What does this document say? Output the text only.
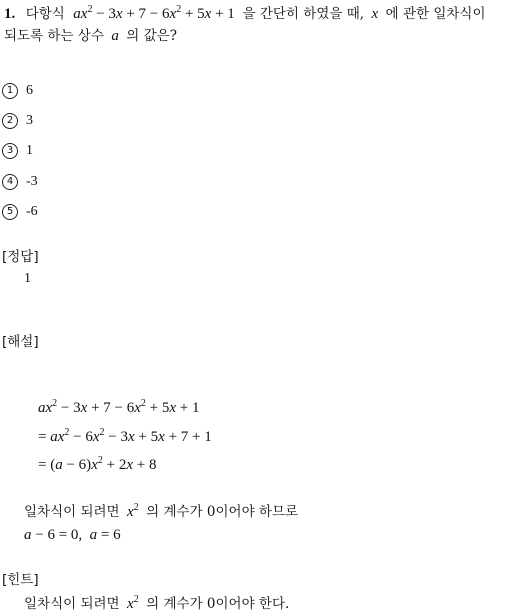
1. 다항식 $ax^2 - 3x + 7 - 6x^2 + 5x + 1$ 을 간단히 하였을 때, x 에 관한 일차식이
되도록 하는 상수 a 의 값은?
1 6
2 3
3 1
4 -3
5 -6
[정답]
1
[해설]
$ax^2 - 3x + 7 - 6x^2 + 5x + 1$
= $ax^2 - 6x^2 - 3x + 5x + 7 + 1$
= $(a - 6)x^2 + 2x + 8$
일차식이 되려면 $x^2$ 의 계수가 0이어야 하므로
a − 6 = 0,  a = 6
[힌트]
일차식이 되려면 $x^2$ 의 계수가 0이어야 한다.
